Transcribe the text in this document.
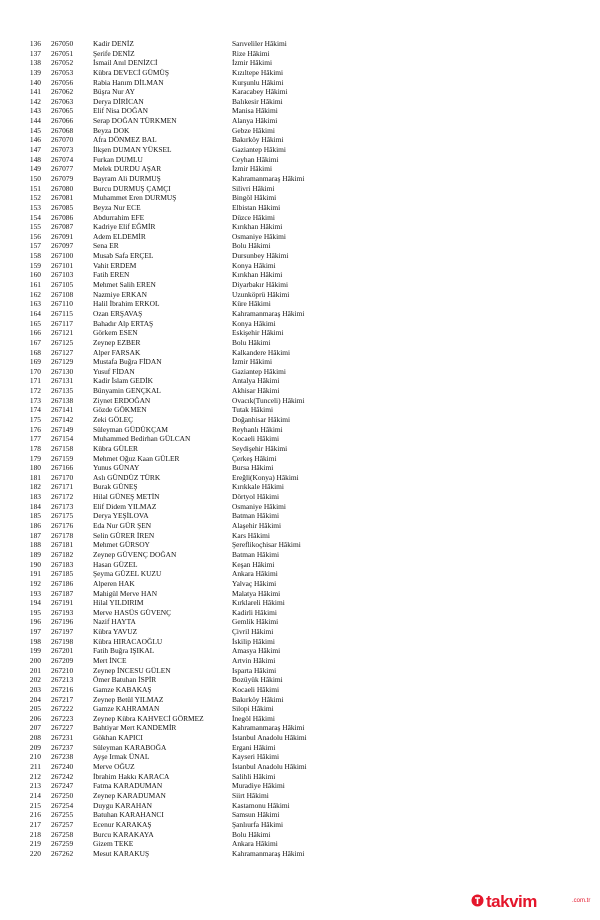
136 267050	Kadir DENİZ	Sarıveliler Hâkimi
137 267051	Şerife DENİZ	Rize Hâkimi
138 267052	İsmail Anıl DENİZCİ	İzmir Hâkimi
139 267053	Kübra DEVECİ GÜMÜŞ	Kızıltepe Hâkimi
140 267056	Rabia Hanım DİLMAN	Kurşunlu Hâkimi
141 267062	Büşra Nur AY	Karacabey Hâkimi
142 267063	Derya DİRİCAN	Balıkesir Hâkimi
143 267065	Elif Nisa DOĞAN	Manisa Hâkimi
144 267066	Serap DOĞAN TÜRKMEN	Alanya Hâkimi
145 267068	Beyza DOK	Gebze Hâkimi
146 267070	Afra DÖNMEZ BAL	Bakırköy Hâkimi
147 267073	İlkşen DUMAN YÜKSEL	Gaziantep Hâkimi
148 267074	Furkan DUMLU	Ceyhan Hâkimi
149 267077	Melek DURDU AŞAR	İzmir Hâkimi
150 267079	Bayram Ali DURMUŞ	Kahramanmaraş Hâkimi
151 267080	Burcu DURMUŞ ÇAMÇI	Silivri Hâkimi
152 267081	Muhammet Eren DURMUŞ	Bingöl Hâkimi
153 267085	Beyza Nur ECE	Elbistan Hâkimi
154 267086	Abdurrahim EFE	Düzce Hâkimi
155 267087	Kadriye Elif EĞMİR	Kırıkhan Hâkimi
156 267091	Adem ELDEMİR	Osmaniye Hâkimi
157 267097	Sena ER	Bolu Hâkimi
158 267100	Musab Safa ERÇEL	Dursunbey Hâkimi
159 267101	Vahit ERDEM	Konya Hâkimi
160 267103	Fatih EREN	Kırıkhan Hâkimi
161 267105	Mehmet Salih EREN	Diyarbakır Hâkimi
162 267108	Nazmiye ERKAN	Uzunköprü Hâkimi
163 267110	Halil İbrahim ERKOL	Küre Hâkimi
164 267115	Ozan ERŞAVAŞ	Kahramanmaraş Hâkimi
165 267117	Bahadır Alp ERTAŞ	Konya Hâkimi
166 267121	Görkem ESEN	Eskişehir Hâkimi
167 267125	Zeynep EZBER	Bolu Hâkimi
168 267127	Alper FARSAK	Kalkandere Hâkimi
169 267129	Mustafa Buğra FİDAN	İzmir Hâkimi
170 267130	Yusuf FİDAN	Gaziantep Hâkimi
171 267131	Kadir İslam GEDİK	Antalya Hâkimi
172 267135	Bünyamin GENÇKAL	Akhisar Hâkimi
173 267138	Ziynet ERDOĞAN	Ovacık(Tunceli) Hâkimi
174 267141	Gözde GÖKMEN	Tutak Hâkimi
175 267142	Zeki GÖLEÇ	Doğanhisar Hâkimi
176 267149	Süleyman GÜDÜKÇAM	Reyhanlı Hâkimi
177 267154	Muhammed Bedirhan GÜLCAN	Kocaeli Hâkimi
178 267158	Kübra GÜLER	Seydişehir Hâkimi
179 267159	Mehmet Oğuz Kaan GÜLER	Çerkeş Hâkimi
180 267166	Yunus GÜNAY	Bursa Hâkimi
181 267170	Aslı GÜNDÜZ TÜRK	Ereğli(Konya) Hâkimi
182 267171	Burak GÜNEŞ	Kırıkkale Hâkimi
183 267172	Hilal GÜNEŞ METİN	Dörtyol Hâkimi
184 267173	Elif Didem YILMAZ	Osmaniye Hâkimi
185 267175	Derya YEŞİLOVA	Batman Hâkimi
186 267176	Eda Nur GÜR ŞEN	Alaşehir Hâkimi
187 267178	Selin GÜRER İREN	Kars Hâkimi
188 267181	Mehmet GÜRSOY	Şereflikoçhisar Hâkimi
189 267182	Zeynep GÜVENÇ DOĞAN	Batman Hâkimi
190 267183	Hasan GÜZEL	Keşan Hâkimi
191 267185	Şeyma GÜZEL KUZU	Ankara Hâkimi
192 267186	Alperen HAK	Yalvaç Hâkimi
193 267187	Mahigül Merve HAN	Malatya Hâkimi
194 267191	Hilal YILDIRIM	Kırklareli Hâkimi
195 267193	Merve HASÜS GÜVENÇ	Kadirli Hâkimi
196 267196	Nazif HAYTA	Gemlik Hâkimi
197 267197	Kübra YAVUZ	Çivril Hâkimi
198 267198	Kübra HIRACAOĞLU	İskilip Hâkimi
199 267201	Fatih Buğra IŞIKAL	Amasya Hâkimi
200 267209	Mert İNCE	Artvin Hâkimi
201 267210	Zeynep İNCESU GÜLEN	Isparta Hâkimi
202 267213	Ömer Batuhan İSPİR	Bozüyük Hâkimi
203 267216	Gamze KABAKAŞ	Kocaeli Hâkimi
204 267217	Zeynep Betül YILMAZ	Bakırköy Hâkimi
205 267222	Gamze KAHRAMAN	Silopi Hâkimi
206 267223	Zeynep Kübra KAHVECİ GÖRMEZ	İnegöl Hâkimi
207 267227	Bahtiyar Mert KANDEMİR	Kahramanmaraş Hâkimi
208 267231	Gökhan KAPICI	İstanbul Anadolu Hâkimi
209 267237	Süleyman KARABOĞA	Ergani Hâkimi
210 267238	Ayşe Irmak ÜNAL	Kayseri Hâkimi
211 267240	Merve OĞUZ	İstanbul Anadolu Hâkimi
212 267242	İbrahim Hakkı KARACA	Salihli Hâkimi
213 267247	Fatma KARADUMAN	Muradiye Hâkimi
214 267250	Zeynep KARADUMAN	Siirt Hâkimi
215 267254	Duygu KARAHAN	Kastamonu Hâkimi
216 267255	Batuhan KARAHANCI	Samsun Hâkimi
217 267257	Ecenur KARAKAŞ	Şanlıurfa Hâkimi
218 267258	Burcu KARAKAYA	Bolu Hâkimi
219 267259	Gizem TEKE	Ankara Hâkimi
220 267262	Mesut KARAKUŞ	Kahramanmaraş Hâkimi
takvim	.com.tr
